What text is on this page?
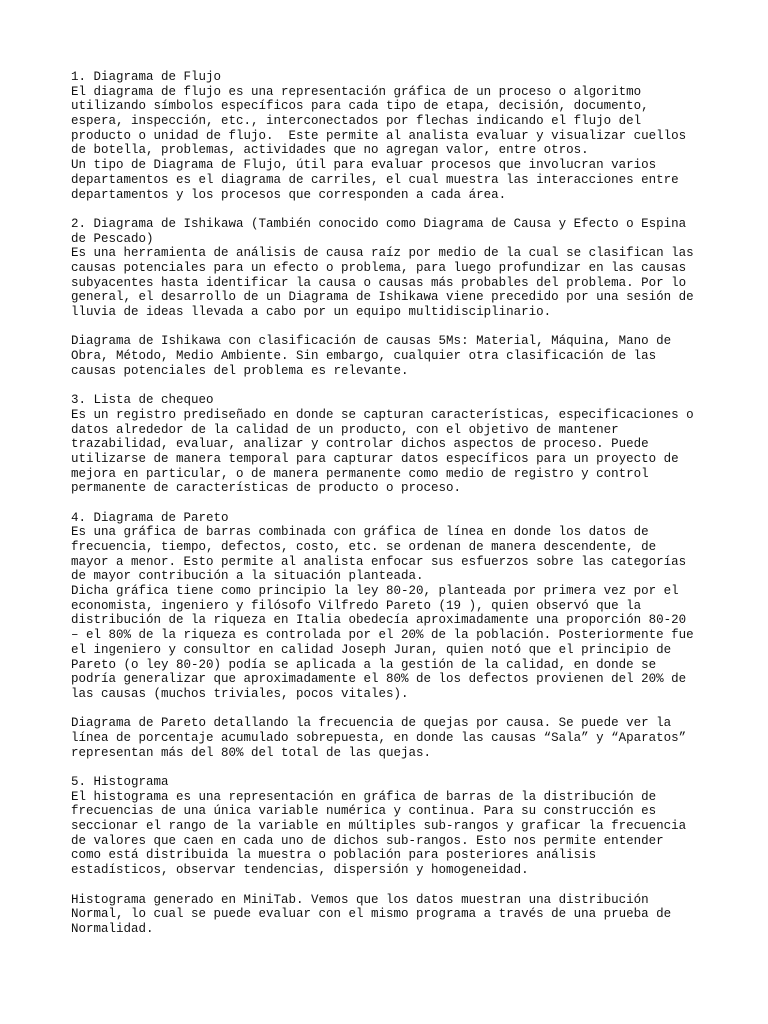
1. Diagrama de Flujo
El diagrama de flujo es una representación gráfica de un proceso o algoritmo
utilizando símbolos específicos para cada tipo de etapa, decisión, documento,
espera, inspección, etc., interconectados por flechas indicando el flujo del
producto o unidad de flujo.  Este permite al analista evaluar y visualizar cuellos
de botella, problemas, actividades que no agregan valor, entre otros.
Un tipo de Diagrama de Flujo, útil para evaluar procesos que involucran varios
departamentos es el diagrama de carriles, el cual muestra las interacciones entre
departamentos y los procesos que corresponden a cada área.
2. Diagrama de Ishikawa (También conocido como Diagrama de Causa y Efecto o Espina
de Pescado)
Es una herramienta de análisis de causa raíz por medio de la cual se clasifican las
causas potenciales para un efecto o problema, para luego profundizar en las causas
subyacentes hasta identificar la causa o causas más probables del problema. Por lo
general, el desarrollo de un Diagrama de Ishikawa viene precedido por una sesión de
lluvia de ideas llevada a cabo por un equipo multidisciplinario.
Diagrama de Ishikawa con clasificación de causas 5Ms: Material, Máquina, Mano de
Obra, Método, Medio Ambiente. Sin embargo, cualquier otra clasificación de las
causas potenciales del problema es relevante.
3. Lista de chequeo
Es un registro prediseñado en donde se capturan características, especificaciones o
datos alrededor de la calidad de un producto, con el objetivo de mantener
trazabilidad, evaluar, analizar y controlar dichos aspectos de proceso. Puede
utilizarse de manera temporal para capturar datos específicos para un proyecto de
mejora en particular, o de manera permanente como medio de registro y control
permanente de características de producto o proceso.
4. Diagrama de Pareto
Es una gráfica de barras combinada con gráfica de línea en donde los datos de
frecuencia, tiempo, defectos, costo, etc. se ordenan de manera descendente, de
mayor a menor. Esto permite al analista enfocar sus esfuerzos sobre las categorías
de mayor contribución a la situación planteada.
Dicha gráfica tiene como principio la ley 80-20, planteada por primera vez por el
economista, ingeniero y filósofo Vilfredo Pareto (19 ), quien observó que la
distribución de la riqueza en Italia obedecía aproximadamente una proporción 80-20
– el 80% de la riqueza es controlada por el 20% de la población. Posteriormente fue
el ingeniero y consultor en calidad Joseph Juran, quien notó que el principio de
Pareto (o ley 80-20) podía se aplicada a la gestión de la calidad, en donde se
podría generalizar que aproximadamente el 80% de los defectos provienen del 20% de
las causas (muchos triviales, pocos vitales).
Diagrama de Pareto detallando la frecuencia de quejas por causa. Se puede ver la
línea de porcentaje acumulado sobrepuesta, en donde las causas “Sala” y “Aparatos”
representan más del 80% del total de las quejas.
5. Histograma
El histograma es una representación en gráfica de barras de la distribución de
frecuencias de una única variable numérica y continua. Para su construcción es
seccionar el rango de la variable en múltiples sub-rangos y graficar la frecuencia
de valores que caen en cada uno de dichos sub-rangos. Esto nos permite entender
como está distribuida la muestra o población para posteriores análisis
estadísticos, observar tendencias, dispersión y homogeneidad.
Histograma generado en MiniTab. Vemos que los datos muestran una distribución
Normal, lo cual se puede evaluar con el mismo programa a través de una prueba de
Normalidad.
